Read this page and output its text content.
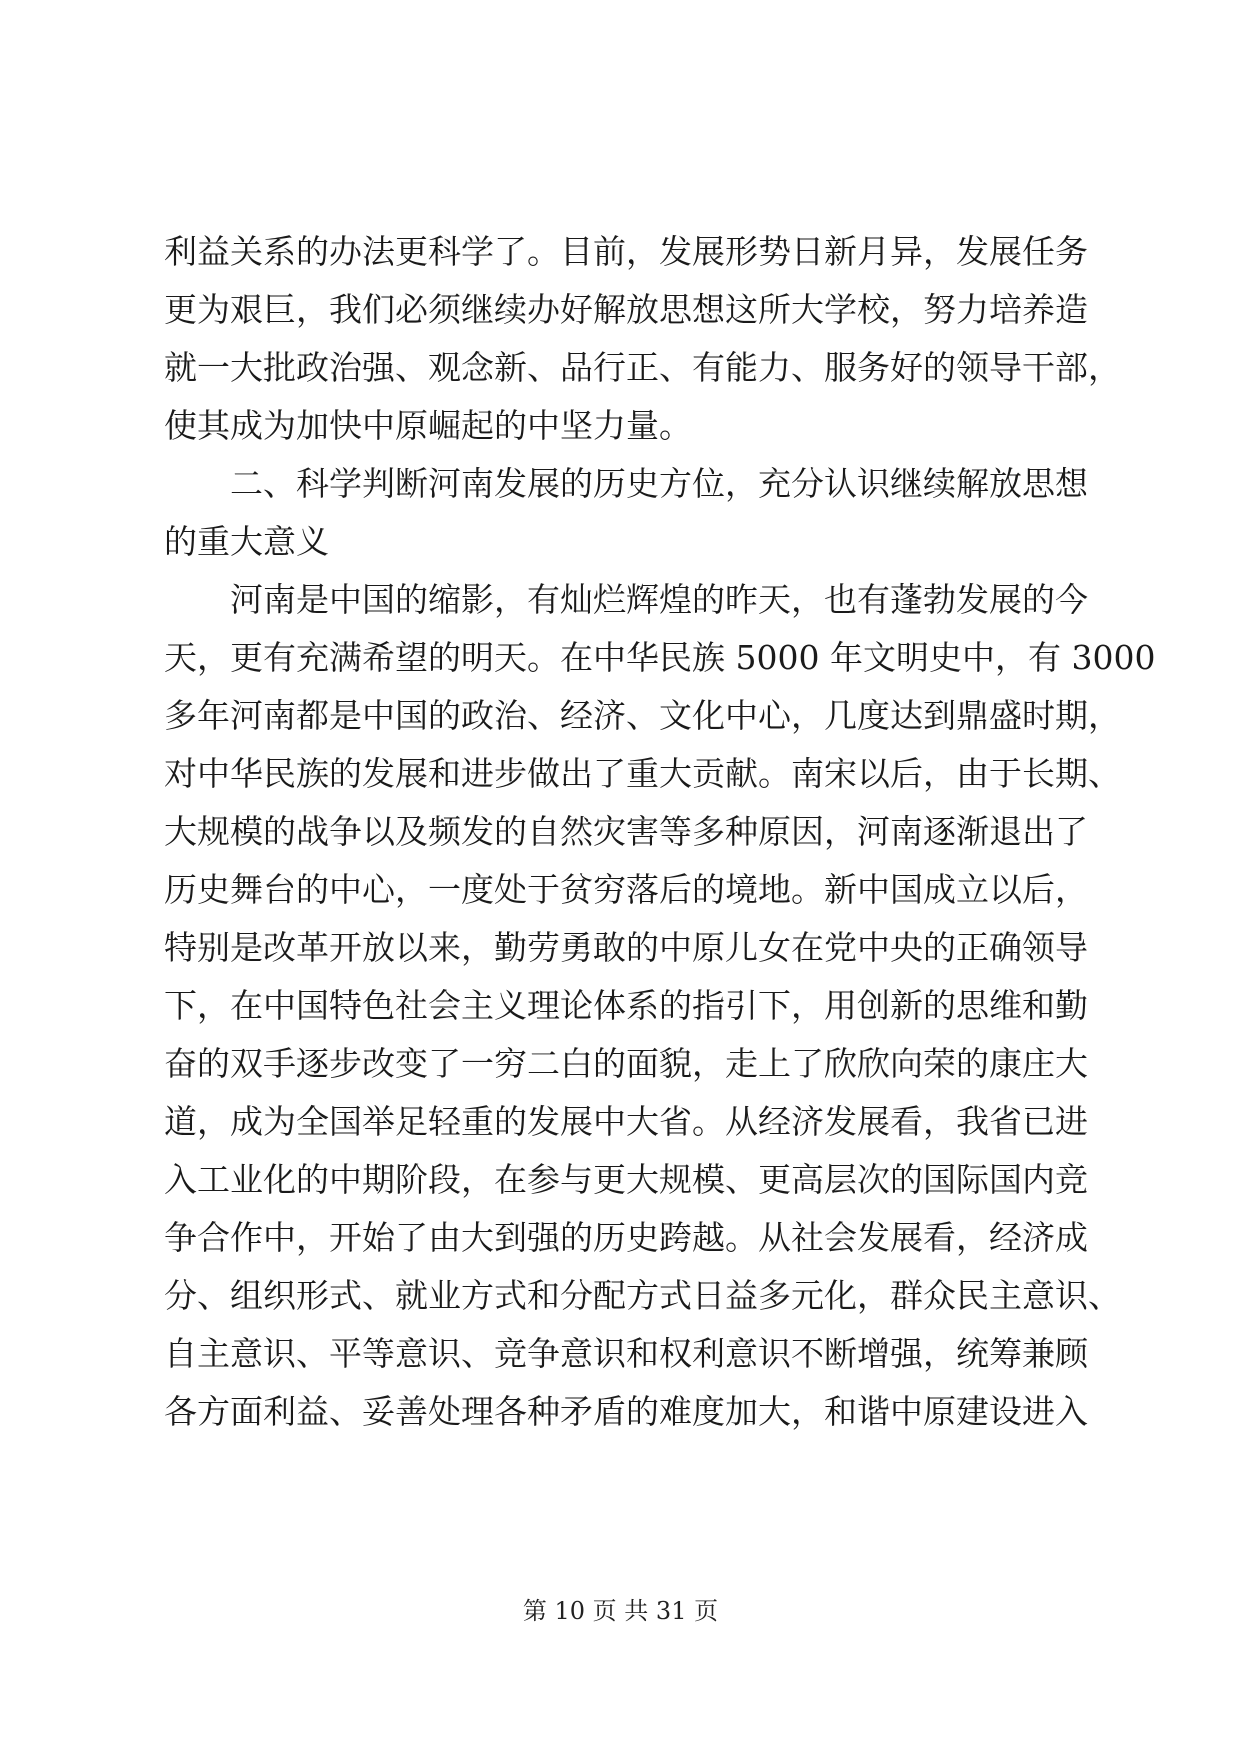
利益关系的办法更科学了。目前，发展形势日新月异，发展任务
更为艰巨，我们必须继续办好解放思想这所大学校，努力培养造
就一大批政治强、观念新、品行正、有能力、服务好的领导干部，
使其成为加快中原崛起的中坚力量。
二、科学判断河南发展的历史方位，充分认识继续解放思想
的重大意义
河南是中国的缩影，有灿烂辉煌的昨天，也有蓬勃发展的今
天，更有充满希望的明天。在中华民族 5000 年文明史中，有 3000
多年河南都是中国的政治、经济、文化中心，几度达到鼎盛时期，
对中华民族的发展和进步做出了重大贡献。南宋以后，由于长期、
大规模的战争以及频发的自然灾害等多种原因，河南逐渐退出了
历史舞台的中心，一度处于贫穷落后的境地。新中国成立以后，
特别是改革开放以来，勤劳勇敢的中原儿女在党中央的正确领导
下，在中国特色社会主义理论体系的指引下，用创新的思维和勤
奋的双手逐步改变了一穷二白的面貌，走上了欣欣向荣的康庄大
道，成为全国举足轻重的发展中大省。从经济发展看，我省已进
入工业化的中期阶段，在参与更大规模、更高层次的国际国内竞
争合作中，开始了由大到强的历史跨越。从社会发展看，经济成
分、组织形式、就业方式和分配方式日益多元化，群众民主意识、
自主意识、平等意识、竞争意识和权利意识不断增强，统筹兼顾
各方面利益、妥善处理各种矛盾的难度加大，和谐中原建设进入
第 10 页 共 31 页
